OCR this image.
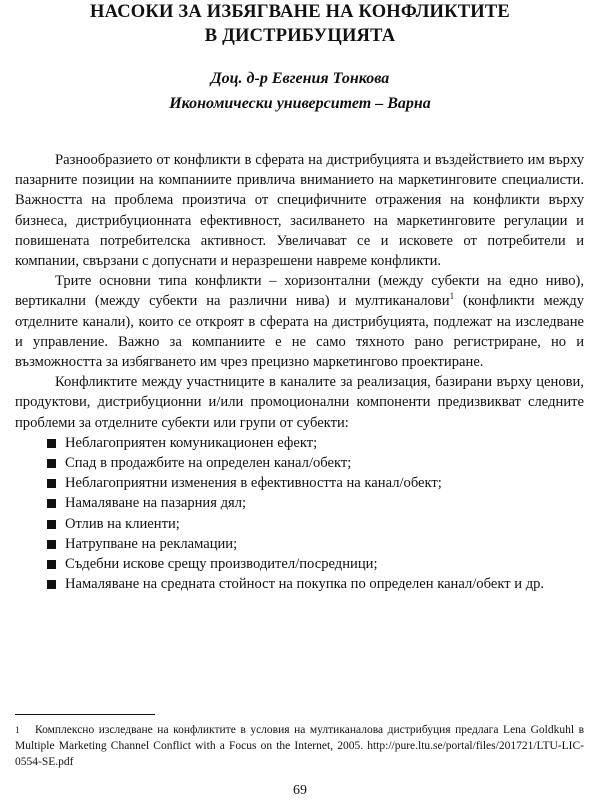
НАСОКИ ЗА ИЗБЯГВАНЕ НА КОНФЛИКТИТЕ
В ДИСТРИБУЦИЯТА
Доц. д-р Евгения Тонкова
Икономически университет – Варна

Разнообразието от конфликти в сферата на дистрибуцията и въздействието им върху пазарните позиции на компаниите привлича вниманието на маркетинговите специалисти. Важността на проблема произтича от специфичните отражения на конфликти върху бизнеса, дистрибуционната ефективност, засилването на маркетинговите регулации и повишената потребителска активност. Увеличават се и исковете от потребители и компании, свързани с допуснати и неразрешени навреме конфликти.

Трите основни типа конфликти – хоризонтални (между субекти на едно ниво), вертикални (между субекти на различни нива) и мултиканалови$^1$ (конфликти между отделните канали), които се откроят в сферата на дистрибуцията, подлежат на изследване и управление. Важно за компаниите е не само тяхното рано регистриране, но и възможността за избягването им чрез прецизно маркетингово проектиране.

Конфликтите между участниците в каналите за реализация, базирани върху ценови, продуктови, дистрибуционни и/или промоционални компоненти предизвикват следните проблеми за отделните субекти или групи от субекти:

Неблагоприятен комуникационен ефект;
Спад в продажбите на определен канал/обект;
Неблагоприятни изменения в ефективността на канал/обект;
Намаляване на пазарния дял;
Отлив на клиенти;
Натрупване на рекламации;
Съдебни искове срещу производител/посредници;
Намаляване на средната стойност на покупка по определен канал/обект и др.
1 Комплексно изследване на конфликтите в условия на мултиканалова дистрибуция предлага Lena Goldkuhl в Multiple Marketing Channel Conflict with a Focus on the Internet, 2005. http://pure.ltu.se/portal/files/201721/LTU-LIC-0554-SE.pdf
69
